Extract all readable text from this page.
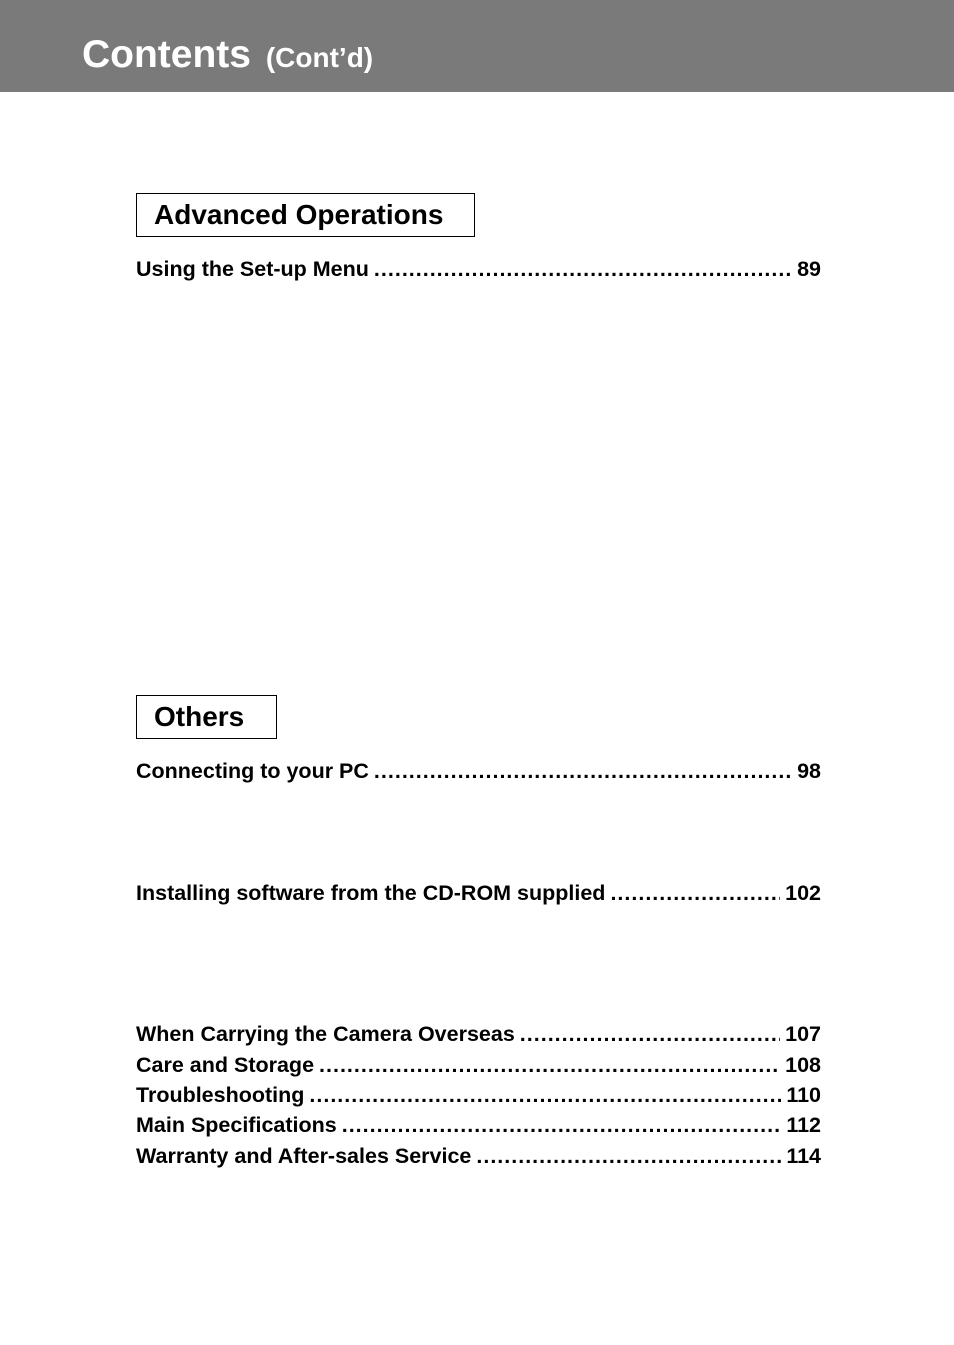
Contents (Cont’d)
Advanced Operations
Using the Set-up Menu .....	89
Others
Connecting to your PC .....	98
Installing software from the CD-ROM supplied .....	102
When Carrying the Camera Overseas .....	107
Care and Storage .....	108
Troubleshooting .....	110
Main Specifications .....	112
Warranty and After-sales Service .....	114
